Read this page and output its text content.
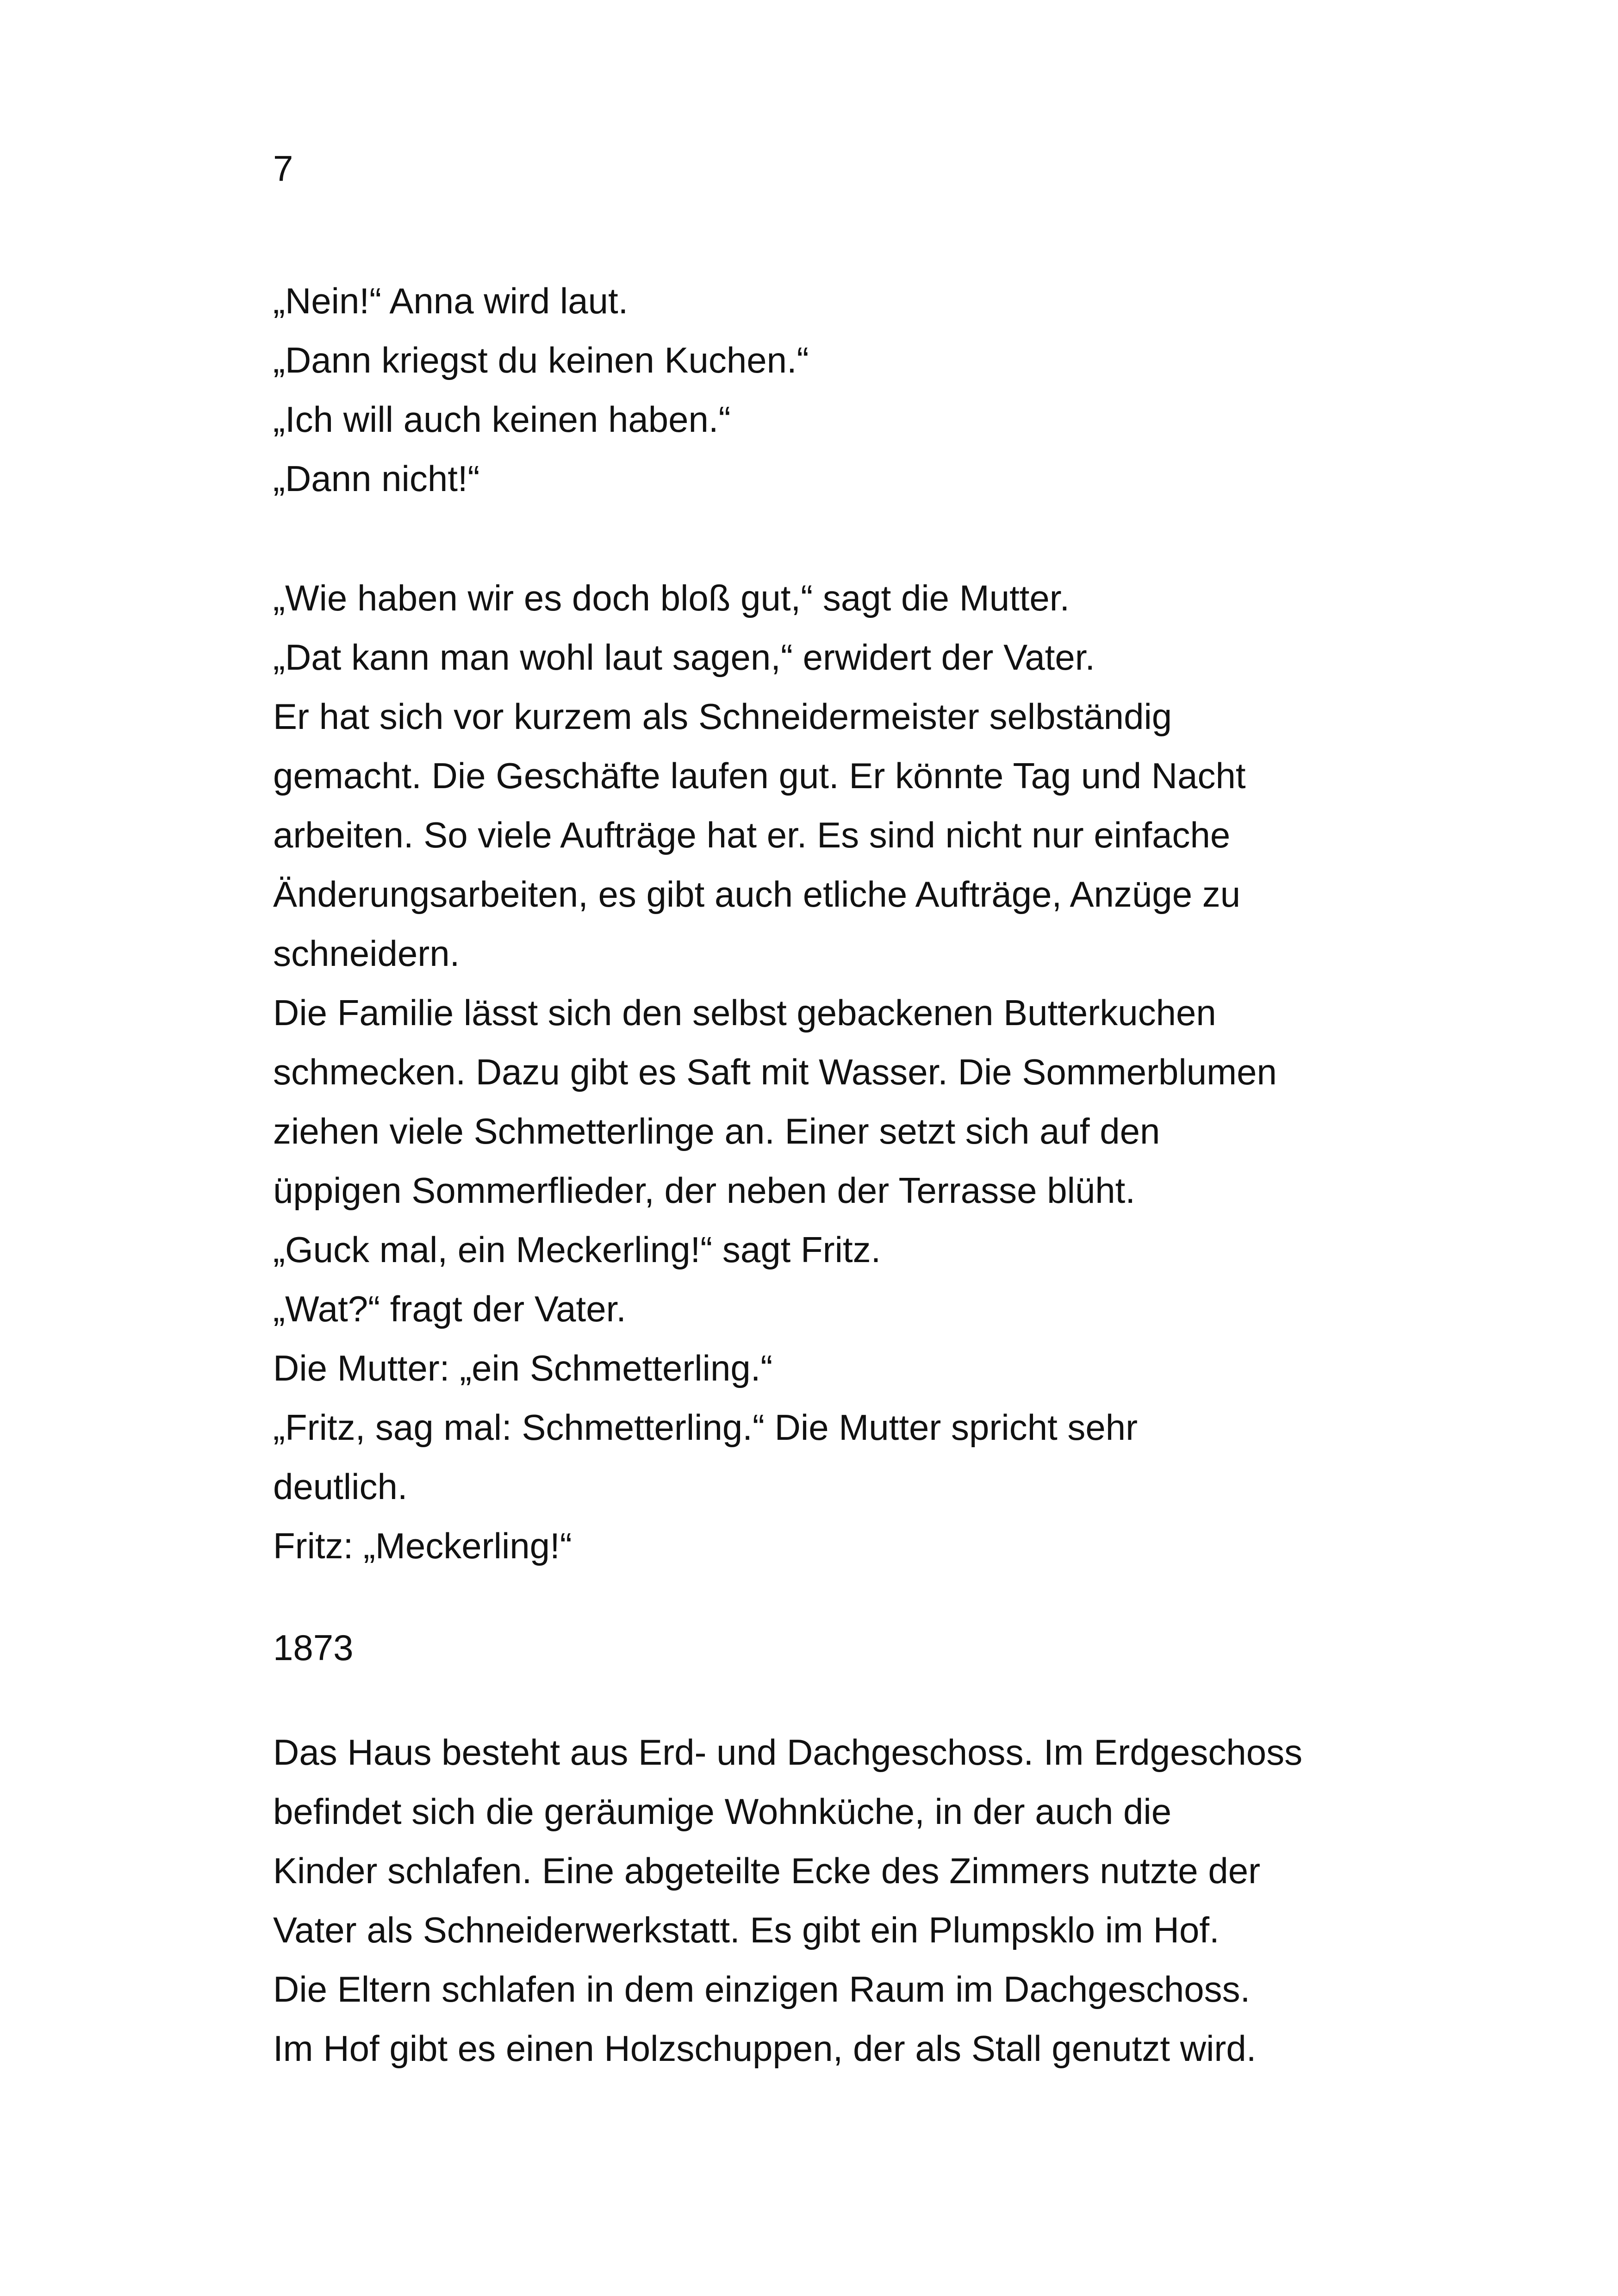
7

„Nein!“ Anna wird laut.
„Dann kriegst du keinen Kuchen.“
„Ich will auch keinen haben.“
„Dann nicht!“
„Wie haben wir es doch bloß gut,“ sagt die Mutter.
„Dat kann man wohl laut sagen,“ erwidert der Vater.
Er hat sich vor kurzem als Schneidermeister selbständig
gemacht. Die Geschäfte laufen gut. Er könnte Tag und Nacht
arbeiten. So viele Aufträge hat er. Es sind nicht nur einfache
Änderungsarbeiten, es gibt auch etliche Aufträge, Anzüge zu
schneidern.
Die Familie lässt sich den selbst gebackenen Butterkuchen
schmecken. Dazu gibt es Saft mit Wasser. Die Sommerblumen
ziehen viele Schmetterlinge an. Einer setzt sich auf den
üppigen Sommerflieder, der neben der Terrasse blüht.
„Guck mal, ein Meckerling!“ sagt Fritz.
„Wat?“ fragt der Vater.
Die Mutter: „ein Schmetterling.“
„Fritz, sag mal: Schmetterling.“ Die Mutter spricht sehr
deutlich.
Fritz: „Meckerling!“
1873
Das Haus besteht aus Erd- und Dachgeschoss. Im Erdgeschoss
befindet sich die geräumige Wohnküche, in der auch die
Kinder schlafen. Eine abgeteilte Ecke des Zimmers nutzte der
Vater als Schneiderwerkstatt. Es gibt ein Plumpsklo im Hof.
Die Eltern schlafen in dem einzigen Raum im Dachgeschoss.
Im Hof gibt es einen Holzschuppen, der als Stall genutzt wird.
